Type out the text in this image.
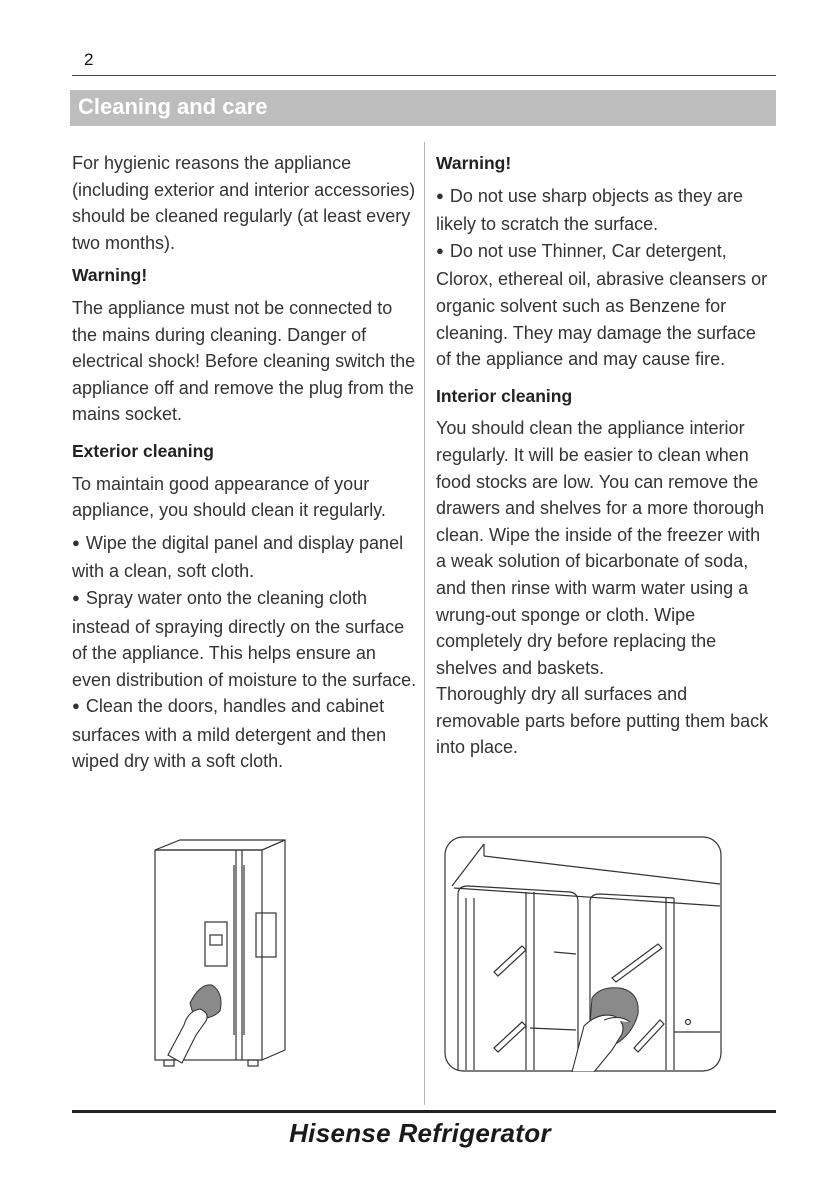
2
Cleaning and care

For hygienic reasons the appliance (including exterior and interior accessories) should be cleaned regularly (at least every two months).

Warning!

The appliance must not be connected to the mains during cleaning. Danger of electrical shock! Before cleaning switch the appliance off and remove the plug from the mains socket.

Exterior cleaning

To maintain good appearance of your appliance, you should clean it regularly.

● Wipe the digital panel and display panel with a clean, soft cloth.

● Spray water onto the cleaning cloth instead of spraying directly on the surface of the appliance. This helps ensure an even distribution of moisture to the surface.

● Clean the doors, handles and cabinet surfaces with a mild detergent and then wiped dry with a soft cloth.

Warning!

● Do not use sharp objects as they are likely to scratch the surface.

● Do not use Thinner, Car detergent, Clorox, ethereal oil, abrasive cleansers or organic solvent such as Benzene for cleaning. They may damage the surface of the appliance and may cause fire.

Interior cleaning

You should clean the appliance interior regularly. It will be easier to clean when food stocks are low. You can remove the drawers and shelves for a more thorough clean. Wipe the inside of the freezer with a weak solution of bicarbonate of soda, and then rinse with warm water using a wrung-out sponge or cloth. Wipe completely dry before replacing the shelves and baskets.

Thoroughly dry all surfaces and removable parts before putting them back into place.

Hisense Refrigerator
